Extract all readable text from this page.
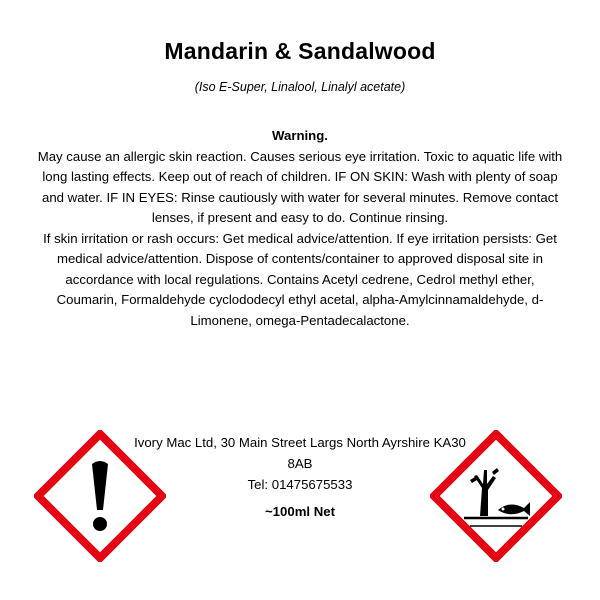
Mandarin & Sandalwood
(Iso E-Super, Linalool, Linalyl acetate)
Warning.
May cause an allergic skin reaction. Causes serious eye irritation. Toxic to aquatic life with long lasting effects. Keep out of reach of children. IF ON SKIN: Wash with plenty of soap and water. IF IN EYES: Rinse cautiously with water for several minutes. Remove contact lenses, if present and easy to do. Continue rinsing.
If skin irritation or rash occurs: Get medical advice/attention. If eye irritation persists: Get medical advice/attention. Dispose of contents/container to approved disposal site in accordance with local regulations. Contains Acetyl cedrene, Cedrol methyl ether, Coumarin, Formaldehyde cyclododecyl ethyl acetal, alpha-Amylcinnamaldehyde, d-Limonene, omega-Pentadecalactone.
Ivory Mac Ltd, 30 Main Street Largs North Ayrshire KA30 8AB
Tel: 01475675533
~100ml Net
